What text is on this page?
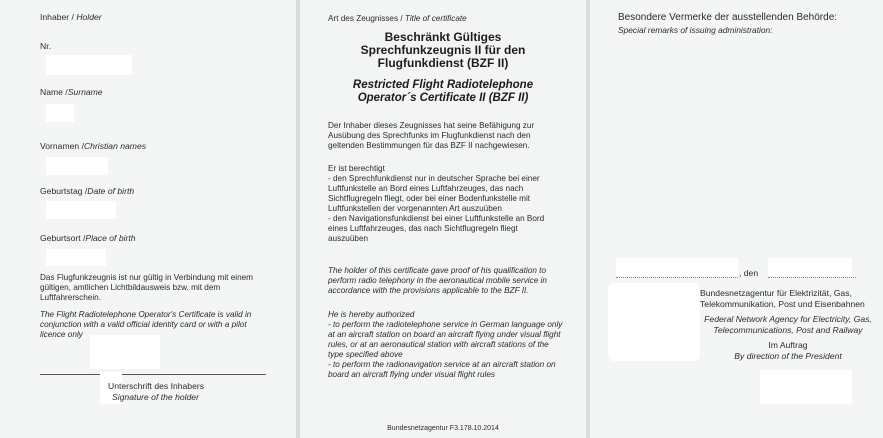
Inhaber / Holder
Nr.
Name /Surname
Vornamen /Christian names
Geburtstag /Date of birth
Geburtsort /Place of birth
Das Flugfunkzeugnis ist nur gültig in Verbindung mit einem
gültigen, amtlichen Lichtbildausweis bzw. mit dem
Luftfahrerschein.
The Flight Radiotelephone Operator's Certificate is valid in
conjunction with a valid official identity card or with a pilot
licence only
Unterschrift des Inhabers
Signature of the holder
Art des Zeugnisses / Title of certificate
Beschränkt Gültiges
Sprechfunkzeugnis II für den
Flugfunkdienst (BZF II)
Restricted Flight Radiotelephone
Operator´s Certificate II (BZF II)
Der Inhaber dieses Zeugnisses hat seine Befähigung zur
Ausübung des Sprechfunks im Flugfunkdienst nach den
geltenden Bestimmungen für das BZF II nachgewiesen.
Er ist berechtigt
- den Sprechfunkdienst nur in deutscher Sprache bei einer
Luftfunkstelle an Bord eines Luftfahrzeuges, das nach
Sichtflugregeln fliegt, oder bei einer Bodenfunkstelle mit
Luftfunkstellen der vorgenannten Art auszuüben
- den Navigationsfunkdienst bei einer Luftfunkstelle an Bord
eines Luftfahrzeuges, das nach Sichtflugregeln fliegt
auszuüben
The holder of this certificate gave proof of his qualification to
perform radio telephony in the aeronautical mobile service in
accordance with the provisions applicable to the BZF II.
He is hereby authorized
- to perform the radiotelephone service in German language only
at an aircraft station on board an aircraft flying under visual flight
rules, or at an aeronautical station with aircraft stations of the
type specified above
- to perform the radionavigation service at an aircraft station on
board an aircraft flying under visual flight rules
Bundesnetzagentur F3.178.10.2014
Besondere Vermerke der ausstellenden Behörde:
Special remarks of issuing administration:
, den
Bundesnetzagentur für Elektrizität, Gas,
Telekommunikation, Post und Eisenbahnen
Federal Network Agency for Electricity, Gas,
Telecommunications, Post and Railway
Im Auftrag
By direction of the President
